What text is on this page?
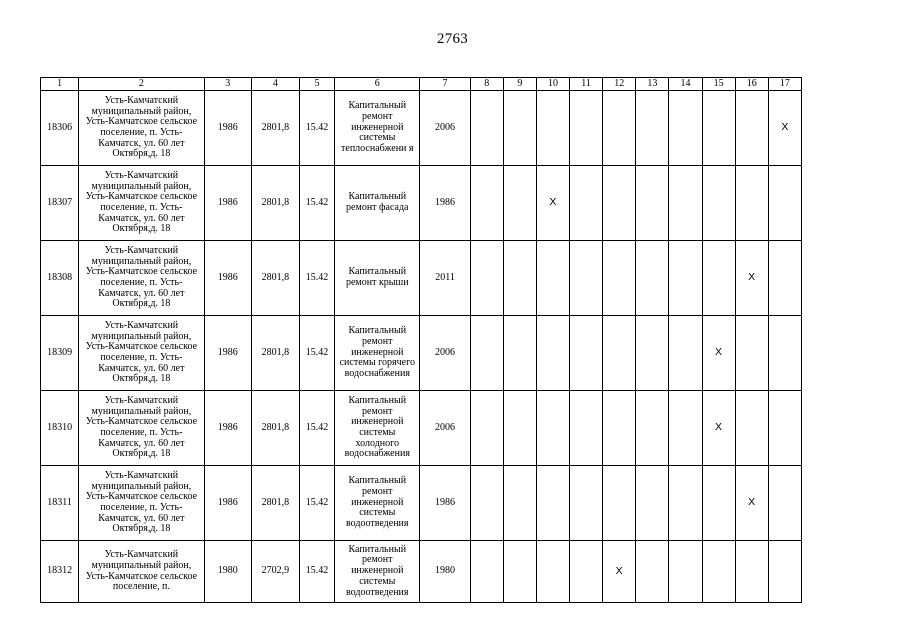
2763
1	2	3	4	5	6	7	8	9	10	11	12	13	14	15	16	17
18306	Усть-Камчатский муниципальный район, Усть-Камчатское сельское поселение, п. Усть-Камчатск, ул. 60 лет Октября,д. 18	1986	2801,8	15.42	Капитальный ремонт инженерной системы теплоснабжени я	2006										X
18307	Усть-Камчатский муниципальный район, Усть-Камчатское сельское поселение, п. Усть-Камчатск, ул. 60 лет Октября,д. 18	1986	2801,8	15.42	Капитальный ремонт фасада	1986			X							
18308	Усть-Камчатский муниципальный район, Усть-Камчатское сельское поселение, п. Усть-Камчатск, ул. 60 лет Октября,д. 18	1986	2801,8	15.42	Капитальный ремонт крыши	2011									X	
18309	Усть-Камчатский муниципальный район, Усть-Камчатское сельское поселение, п. Усть-Камчатск, ул. 60 лет Октября,д. 18	1986	2801,8	15.42	Капитальный ремонт инженерной системы горячего водоснабжения	2006								X		
18310	Усть-Камчатский муниципальный район, Усть-Камчатское сельское поселение, п. Усть-Камчатск, ул. 60 лет Октября,д. 18	1986	2801,8	15.42	Капитальный ремонт инженерной системы холодного водоснабжения	2006								X		
18311	Усть-Камчатский муниципальный район, Усть-Камчатское сельское поселение, п. Усть-Камчатск, ул. 60 лет Октября,д. 18	1986	2801,8	15.42	Капитальный ремонт инженерной системы водоотведения	1986									X	
18312	Усть-Камчатский муниципальный район, Усть-Камчатское сельское поселение, п.	1980	2702,9	15.42	Капитальный ремонт инженерной системы водоотведения	1980					X					
